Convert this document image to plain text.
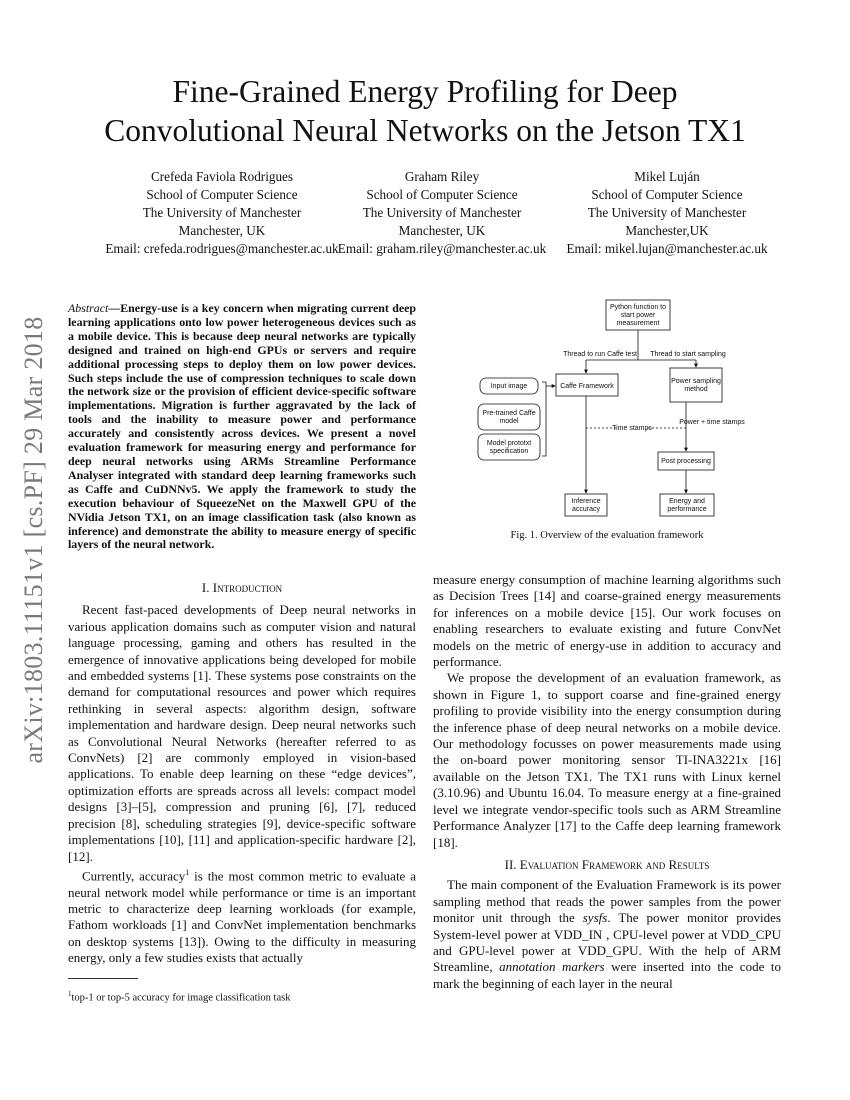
Fine-Grained Energy Profiling for Deep
Convolutional Neural Networks on the Jetson TX1
Crefeda Faviola Rodrigues
School of Computer Science
The University of Manchester
Manchester, UK
Email: crefeda.rodrigues@manchester.ac.uk
Graham Riley
School of Computer Science
The University of Manchester
Manchester, UK
Email: graham.riley@manchester.ac.uk
Mikel Luján
School of Computer Science
The University of Manchester
Manchester,UK
Email: mikel.lujan@manchester.ac.uk
arXiv:1803.11151v1 [cs.PF] 29 Mar 2018
Abstract—Energy-use is a key concern when migrating current deep learning applications onto low power heterogeneous devices such as a mobile device. This is because deep neural networks are typically designed and trained on high-end GPUs or servers and require additional processing steps to deploy them on low power devices. Such steps include the use of compression techniques to scale down the network size or the provision of efficient device-specific software implementations. Migration is further aggravated by the lack of tools and the inability to measure power and performance accurately and consistently across devices. We present a novel evaluation framework for measuring energy and performance for deep neural networks using ARMs Streamline Performance Analyser integrated with standard deep learning frameworks such as Caffe and CuDNNv5. We apply the framework to study the execution behaviour of SqueezeNet on the Maxwell GPU of the NVidia Jetson TX1, on an image classification task (also known as inference) and demonstrate the ability to measure energy of specific layers of the neural network.
I. Introduction

Recent fast-paced developments of Deep neural networks in various application domains such as computer vision and natural language processing, gaming and others has resulted in the emergence of innovative applications being developed for mobile and embedded systems [1]. These systems pose constraints on the demand for computational resources and power which requires rethinking in several aspects: algorithm design, software implementation and hardware design. Deep neural networks such as Convolutional Neural Networks (hereafter referred to as ConvNets) [2] are commonly employed in vision-based applications. To enable deep learning on these “edge devices”, optimization efforts are spreads across all levels: compact model designs [3]–[5], compression and pruning [6], [7], reduced precision [8], scheduling strategies [9], device-specific software implementations [10], [11] and application-specific hardware [2], [12].

Currently, accuracy$^1$ is the most common metric to evaluate a neural network model while performance or time is an important metric to characterize deep learning workloads (for example, Fathom workloads [1] and ConvNet implementation benchmarks on desktop systems [13]). Owing to the difficulty in measuring energy, only a few studies exists that actually

$^1$top-1 or top-5 accuracy for image classification task

measure energy consumption of machine learning algorithms such as Decision Trees [14] and coarse-grained energy measurements for inferences on a mobile device [15]. Our work focuses on enabling researchers to evaluate existing and future ConvNet models on the metric of energy-use in addition to accuracy and performance.

We propose the development of an evaluation framework, as shown in Figure 1, to support coarse and fine-grained energy profiling to provide visibility into the energy consumption during the inference phase of deep neural networks on a mobile device. Our methodology focusses on power measurements made using the on-board power monitoring sensor TI-INA3221x [16] available on the Jetson TX1. The TX1 runs with Linux kernel (3.10.96) and Ubuntu 16.04. To measure energy at a fine-grained level we integrate vendor-specific tools such as ARM Streamline Performance Analyzer [17] to the Caffe deep learning framework [18].

II. Evaluation Framework and Results

The main component of the Evaluation Framework is its power sampling method that reads the power samples from the power monitor unit through the sysfs. The power monitor provides System-level power at VDD_IN , CPU-level power at VDD_CPU and GPU-level power at VDD_GPU. With the help of ARM Streamline, annotation markers were inserted into the code to mark the beginning of each layer in the neural

Python function to
start power
measurement
Thread to run Caffe test Thread to start sampling
Input image
Pre-trained Caffe
model
Model prototxt
specification
Caffe Framework
Power sampling
method
Time stamps
Power + time stamps
Post processing
Inference
accuracy
Energy and
performance
Fig. 1. Overview of the evaluation framework
